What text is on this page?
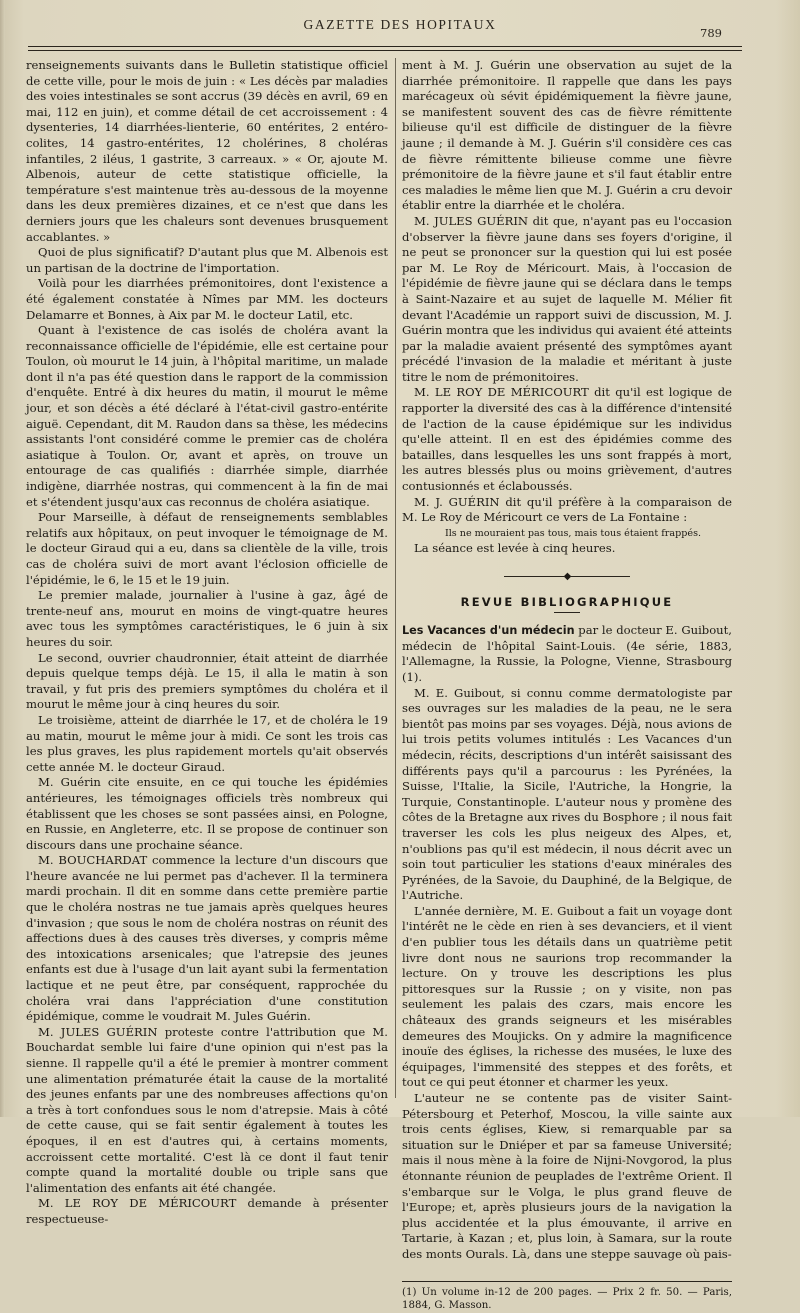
GAZETTE DES HOPITAUX
789

renseignements suivants dans le Bulletin statistique officiel de cette ville, pour le mois de juin : « Les décès par maladies des voies intestinales se sont accrus (39 décès en avril, 69 en mai, 112 en juin), et comme détail de cet accroissement : 4 dysenteries, 14 diarrhées-lienterie, 60 entérites, 2 entéro-colites, 14 gastro-entérites, 12 cholérines, 8 choléras infantiles, 2 iléus, 1 gastrite, 3 carreaux. » « Or, ajoute M. Albenois, auteur de cette statistique officielle, la température s'est maintenue très au-dessous de la moyenne dans les deux premières dizaines, et ce n'est que dans les derniers jours que les chaleurs sont devenues brusquement accablantes. »

Quoi de plus significatif? D'autant plus que M. Albenois est un partisan de la doctrine de l'importation.

Voilà pour les diarrhées prémonitoires, dont l'existence a été également constatée à Nîmes par MM. les docteurs Delamarre et Bonnes, à Aix par M. le docteur Latil, etc.

Quant à l'existence de cas isolés de choléra avant la reconnaissance officielle de l'épidémie, elle est certaine pour Toulon, où mourut le 14 juin, à l'hôpital maritime, un malade dont il n'a pas été question dans le rapport de la commission d'enquête. Entré à dix heures du matin, il mourut le même jour, et son décès a été déclaré à l'état-civil gastro-entérite aiguë. Cependant, dit M. Raudon dans sa thèse, les médecins assistants l'ont considéré comme le premier cas de choléra asiatique à Toulon. Or, avant et après, on trouve un entourage de cas qualifiés : diarrhée simple, diarrhée indigène, diarrhée nostras, qui commencent à la fin de mai et s'étendent jusqu'aux cas reconnus de choléra asiatique.

Pour Marseille, à défaut de renseignements semblables relatifs aux hôpitaux, on peut invoquer le témoignage de M. le docteur Giraud qui a eu, dans sa clientèle de la ville, trois cas de choléra suivi de mort avant l'éclosion officielle de l'épidémie, le 6, le 15 et le 19 juin.

Le premier malade, journalier à l'usine à gaz, âgé de trente-neuf ans, mourut en moins de vingt-quatre heures avec tous les symptômes caractéristiques, le 6 juin à six heures du soir.

Le second, ouvrier chaudronnier, était atteint de diarrhée depuis quelque temps déjà. Le 15, il alla le matin à son travail, y fut pris des premiers symptômes du choléra et il mourut le même jour à cinq heures du soir.

Le troisième, atteint de diarrhée le 17, et de choléra le 19 au matin, mourut le même jour à midi. Ce sont les trois cas les plus graves, les plus rapidement mortels qu'ait observés cette année M. le docteur Giraud.

M. Guérin cite ensuite, en ce qui touche les épidémies antérieures, les témoignages officiels très nombreux qui établissent que les choses se sont passées ainsi, en Pologne, en Russie, en Angleterre, etc. Il se propose de continuer son discours dans une prochaine séance.

M. BOUCHARDAT commence la lecture d'un discours que l'heure avancée ne lui permet pas d'achever. Il la terminera mardi prochain. Il dit en somme dans cette première partie que le choléra nostras ne tue jamais après quelques heures d'invasion ; que sous le nom de choléra nostras on réunit des affections dues à des causes très diverses, y compris même des intoxications arsenicales; que l'atrepsie des jeunes enfants est due à l'usage d'un lait ayant subi la fermentation lactique et ne peut être, par conséquent, rapprochée du choléra vrai dans l'appréciation d'une constitution épidémique, comme le voudrait M. Jules Guérin.

M. JULES GUÉRIN proteste contre l'attribution que M. Bouchardat semble lui faire d'une opinion qui n'est pas la sienne. Il rappelle qu'il a été le premier à montrer comment une alimentation prématurée était la cause de la mortalité des jeunes enfants par une des nombreuses affections qu'on a très à tort confondues sous le nom d'atrepsie. Mais à côté de cette cause, qui se fait sentir également à toutes les époques, il en est d'autres qui, à certains moments, accroissent cette mortalité. C'est là ce dont il faut tenir compte quand la mortalité double ou triple sans que l'alimentation des enfants ait été changée.

M. LE ROY DE MÉRICOURT demande à présenter respectueuse-

ment à M. J. Guérin une observation au sujet de la diarrhée prémonitoire. Il rappelle que dans les pays marécageux où sévit épidémiquement la fièvre jaune, se manifestent souvent des cas de fièvre rémittente bilieuse qu'il est difficile de distinguer de la fièvre jaune ; il demande à M. J. Guérin s'il considère ces cas de fièvre rémittente bilieuse comme une fièvre prémonitoire de la fièvre jaune et s'il faut établir entre ces maladies le même lien que M. J. Guérin a cru devoir établir entre la diarrhée et le choléra.

M. JULES GUÉRIN dit que, n'ayant pas eu l'occasion d'observer la fièvre jaune dans ses foyers d'origine, il ne peut se prononcer sur la question qui lui est posée par M. Le Roy de Méricourt. Mais, à l'occasion de l'épidémie de fièvre jaune qui se déclara dans le temps à Saint-Nazaire et au sujet de laquelle M. Mélier fit devant l'Académie un rapport suivi de discussion, M. J. Guérin montra que les individus qui avaient été atteints par la maladie avaient présenté des symptômes ayant précédé l'invasion de la maladie et méritant à juste titre le nom de prémonitoires.

M. LE ROY DE MÉRICOURT dit qu'il est logique de rapporter la diversité des cas à la différence d'intensité de l'action de la cause épidémique sur les individus qu'elle atteint. Il en est des épidémies comme des batailles, dans lesquelles les uns sont frappés à mort, les autres blessés plus ou moins grièvement, d'autres contusionnés et éclaboussés.

M. J. GUÉRIN dit qu'il préfère à la comparaison de M. Le Roy de Méricourt ce vers de La Fontaine :

Ils ne mouraient pas tous, mais tous étaient frappés.

La séance est levée à cinq heures.

◆
REVUE BIBLIOGRAPHIQUE

Les Vacances d'un médecin par le docteur E. Guibout, médecin de l'hôpital Saint-Louis. (4e série, 1883, l'Allemagne, la Russie, la Pologne, Vienne, Strasbourg (1).

M. E. Guibout, si connu comme dermatologiste par ses ouvrages sur les maladies de la peau, ne le sera bientôt pas moins par ses voyages. Déjà, nous avions de lui trois petits volumes intitulés : Les Vacances d'un médecin, récits, descriptions d'un intérêt saisissant des différents pays qu'il a parcourus : les Pyrénées, la Suisse, l'Italie, la Sicile, l'Autriche, la Hongrie, la Turquie, Constantinople. L'auteur nous y promène des côtes de la Bretagne aux rives du Bosphore ; il nous fait traverser les cols les plus neigeux des Alpes, et, n'oublions pas qu'il est médecin, il nous décrit avec un soin tout particulier les stations d'eaux minérales des Pyrénées, de la Savoie, du Dauphiné, de la Belgique, de l'Autriche.

L'année dernière, M. E. Guibout a fait un voyage dont l'intérêt ne le cède en rien à ses devanciers, et il vient d'en publier tous les détails dans un quatrième petit livre dont nous ne saurions trop recommander la lecture. On y trouve les descriptions les plus pittoresques sur la Russie ; on y visite, non pas seulement les palais des czars, mais encore les châteaux des grands seigneurs et les misérables demeures des Moujicks. On y admire la magnificence inouïe des églises, la richesse des musées, le luxe des équipages, l'immensité des steppes et des forêts, et tout ce qui peut étonner et charmer les yeux.

L'auteur ne se contente pas de visiter Saint-Pétersbourg et Peterhof, Moscou, la ville sainte aux trois cents églises, Kiew, si remarquable par sa situation sur le Dniéper et par sa fameuse Université; mais il nous mène à la foire de Nijni-Novgorod, la plus étonnante réunion de peuplades de l'extrême Orient. Il s'embarque sur le Volga, le plus grand fleuve de l'Europe; et, après plusieurs jours de la navigation la plus accidentée et la plus émouvante, il arrive en Tartarie, à Kazan ; et, plus loin, à Samara, sur la route des monts Ourals. Là, dans une steppe sauvage où pais-

(1) Un volume in-12 de 200 pages. — Prix 2 fr. 50. — Paris, 1884, G. Masson.
